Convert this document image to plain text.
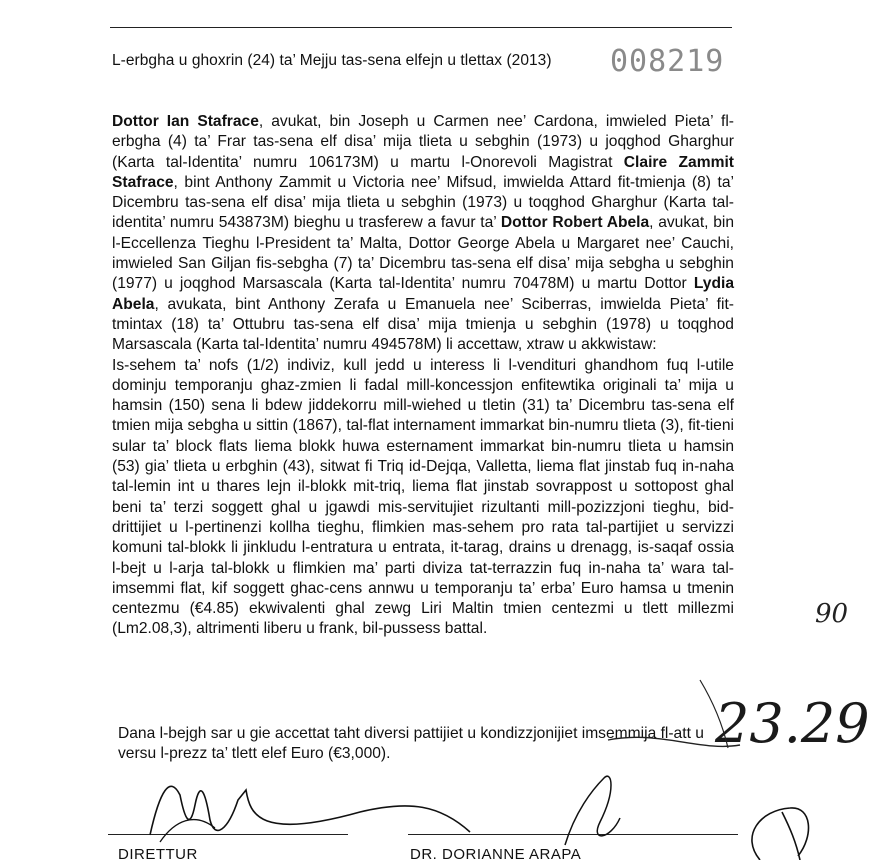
L-erbgha u ghoxrin (24) ta’ Mejju tas-sena elfejn u tlettax (2013) 008219

Dottor Ian Stafrace, avukat, bin Joseph u Carmen nee’ Cardona, imwieled Pieta’ fl-erbgha (4) ta’ Frar tas-sena elf disa’ mija tlieta u sebghin (1973) u joqghod Gharghur (Karta tal-Identita’ numru 106173M) u martu l-Onorevoli Magistrat Claire Zammit Stafrace, bint Anthony Zammit u Victoria nee’ Mifsud, imwielda Attard fit-tmienja (8) ta’ Dicembru tas-sena elf disa’ mija tlieta u sebghin (1973) u toqghod Gharghur (Karta tal-identita’ numru 543873M) bieghu u trasferew a favur ta’ Dottor Robert Abela, avukat, bin l-Eccellenza Tieghu l-President ta’ Malta, Dottor George Abela u Margaret nee’ Cauchi, imwieled San Giljan fis-sebgha (7) ta’ Dicembru tas-sena elf disa’ mija sebgha u sebghin (1977) u joqghod Marsascala (Karta tal-Identita’ numru 70478M) u martu Dottor Lydia Abela, avukata, bint Anthony Zerafa u Emanuela nee’ Sciberras, imwielda Pieta’ fit-tmintax (18) ta’ Ottubru tas-sena elf disa’ mija tmienja u sebghin (1978) u toqghod Marsascala (Karta tal-Identita’ numru 494578M) li accettaw, xtraw u akkwistaw:
Is-sehem ta’ nofs (1/2) indiviz, kull jedd u interess li l-vendituri ghandhom fuq l-utile dominju temporanju ghaz-zmien li fadal mill-koncessjon enfitewtika originali ta’ mija u hamsin (150) sena li bdew jiddekorru mill-wiehed u tletin (31) ta’ Dicembru tas-sena elf tmien mija sebgha u sittin (1867), tal-flat internament immarkat bin-numru tlieta (3), fit-tieni sular ta’ block flats liema blokk huwa esternament immarkat bin-numru tlieta u hamsin (53) gia’ tlieta u erbghin (43), sitwat fi Triq id-Dejqa, Valletta, liema flat jinstab fuq in-naha tal-lemin int u thares lejn il-blokk mit-triq, liema flat jinstab sovrappost u sottopost ghal beni ta’ terzi soggett ghal u jgawdi mis-servitujiet rizultanti mill-pozizzjoni tieghu, bid-drittijiet u l-pertinenzi kollha tieghu, flimkien mas-sehem pro rata tal-partijiet u servizzi komuni tal-blokk li jinkludu l-entratura u entrata, it-tarag, drains u drenagg, is-saqaf ossia l-bejt u l-arja tal-blokk u flimkien ma’ parti diviza tat-terrazzin fuq in-naha ta’ wara tal-imsemmi flat, kif soggett ghac-cens annwu u temporanju ta’ erba’ Euro hamsa u tmenin centezmu (€4.85) ekwivalenti ghal zewg Liri Maltin tmien centezmi u tlett millezmi (Lm2.08,3), altrimenti liberu u frank, bil-pussess battal.

Dana l-bejgh sar u gie accettat taht diversi pattijiet u kondizzjonijiet imsemmija fl-att u versu l-prezz ta’ tlett elef Euro (€3,000).

DIRETTUR	DR. DORIANNE ARAPA
90
23.29
